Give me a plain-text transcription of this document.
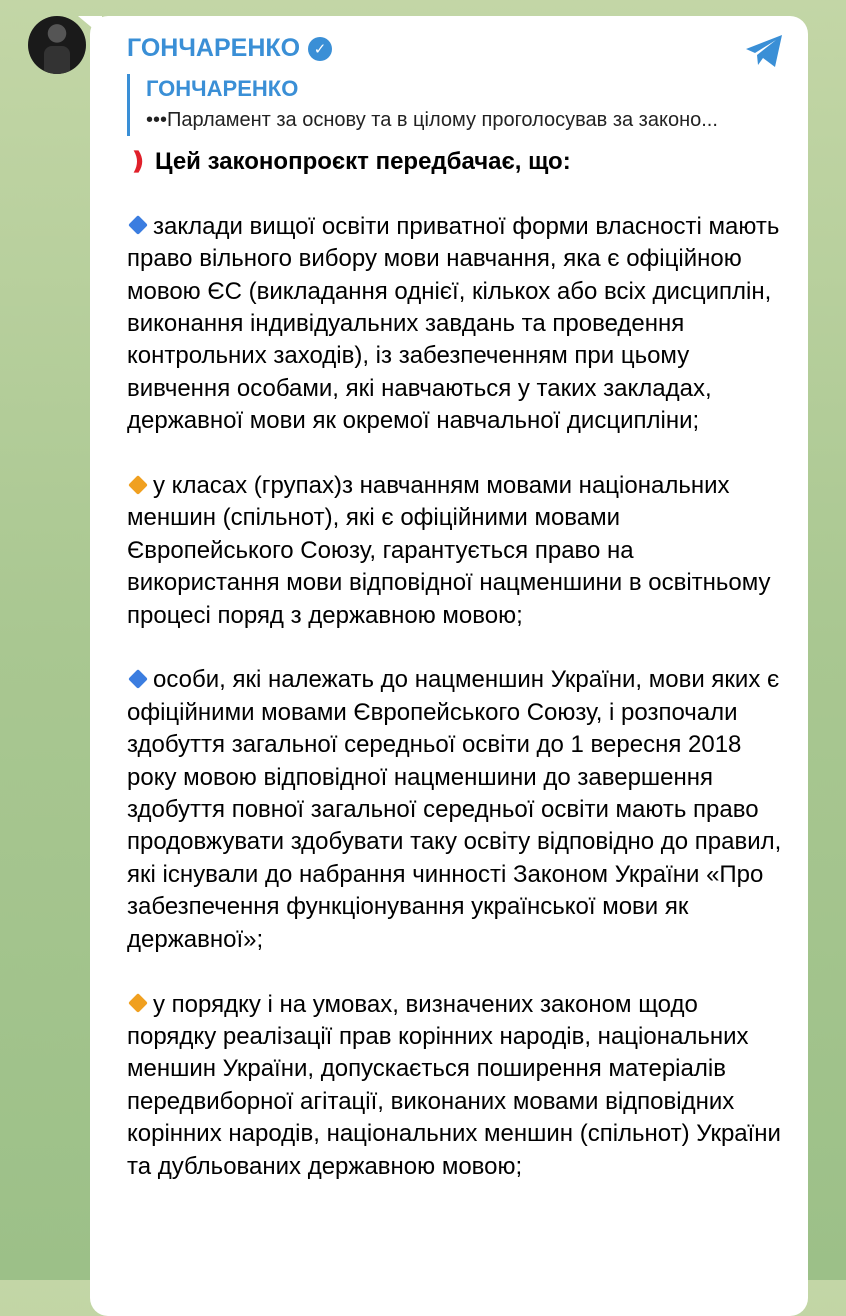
ГОНЧАРЕНКО ✓
ГОНЧАРЕНКО
•••Парламент за основу та в цілому проголосував за законо...
❫ Цей законопроєкт передбачає, що:
заклади вищої освіти приватної форми власності мають право вільного вибору мови навчання, яка є офіційною мовою ЄС (викладання однієї, кількох або всіх дисциплін, виконання індивідуальних завдань та проведення контрольних заходів), із забезпеченням при цьому вивчення особами, які навчаються у таких закладах, державної мови як окремої навчальної дисципліни;
у класах (групах)з навчанням мовами національних меншин (спільнот), які є офіційними мовами Європейського Союзу, гарантується право на використання мови відповідної нацменшини в освітньому процесі поряд з державною мовою;
особи, які належать до нацменшин України, мови яких є офіційними мовами Європейського Союзу, і розпочали здобуття загальної середньої освіти до 1 вересня 2018 року мовою відповідної нацменшини до завершення здобуття повної загальної середньої освіти мають право продовжувати здобувати таку освіту відповідно до правил, які існували до набрання чинності Законом України «Про забезпечення функціонування української мови як державної»;
у порядку і на умовах, визначених законом щодо порядку реалізації прав корінних народів, національних меншин України, допускається поширення матеріалів передвиборної агітації, виконаних мовами відповідних корінних народів, національних меншин (спільнот) України та дубльованих державною мовою;
